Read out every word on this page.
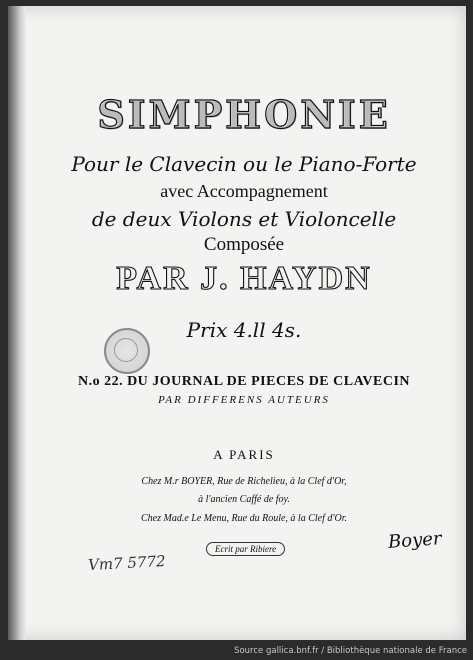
SIMPHONIE
Pour le Clavecin ou le Piano-Forte
avec Accompagnement
de deux Violons et Violoncelle
Composée
PAR J. HAYDN
Prix 4.ll 4s.
N.o 22. DU JOURNAL DE PIECES DE CLAVECIN
PAR DIFFERENS AUTEURS
A PARIS
Chez M.r BOYER, Rue de Richelieu, à la Clef d'Or,
à l'ancien Caffé de foy.
Chez Mad.e Le Menu, Rue du Roule, à la Clef d'Or.
Ecrit par Ribiere
Vm7 5772
Boyer
Source gallica.bnf.fr / Bibliothèque nationale de France
